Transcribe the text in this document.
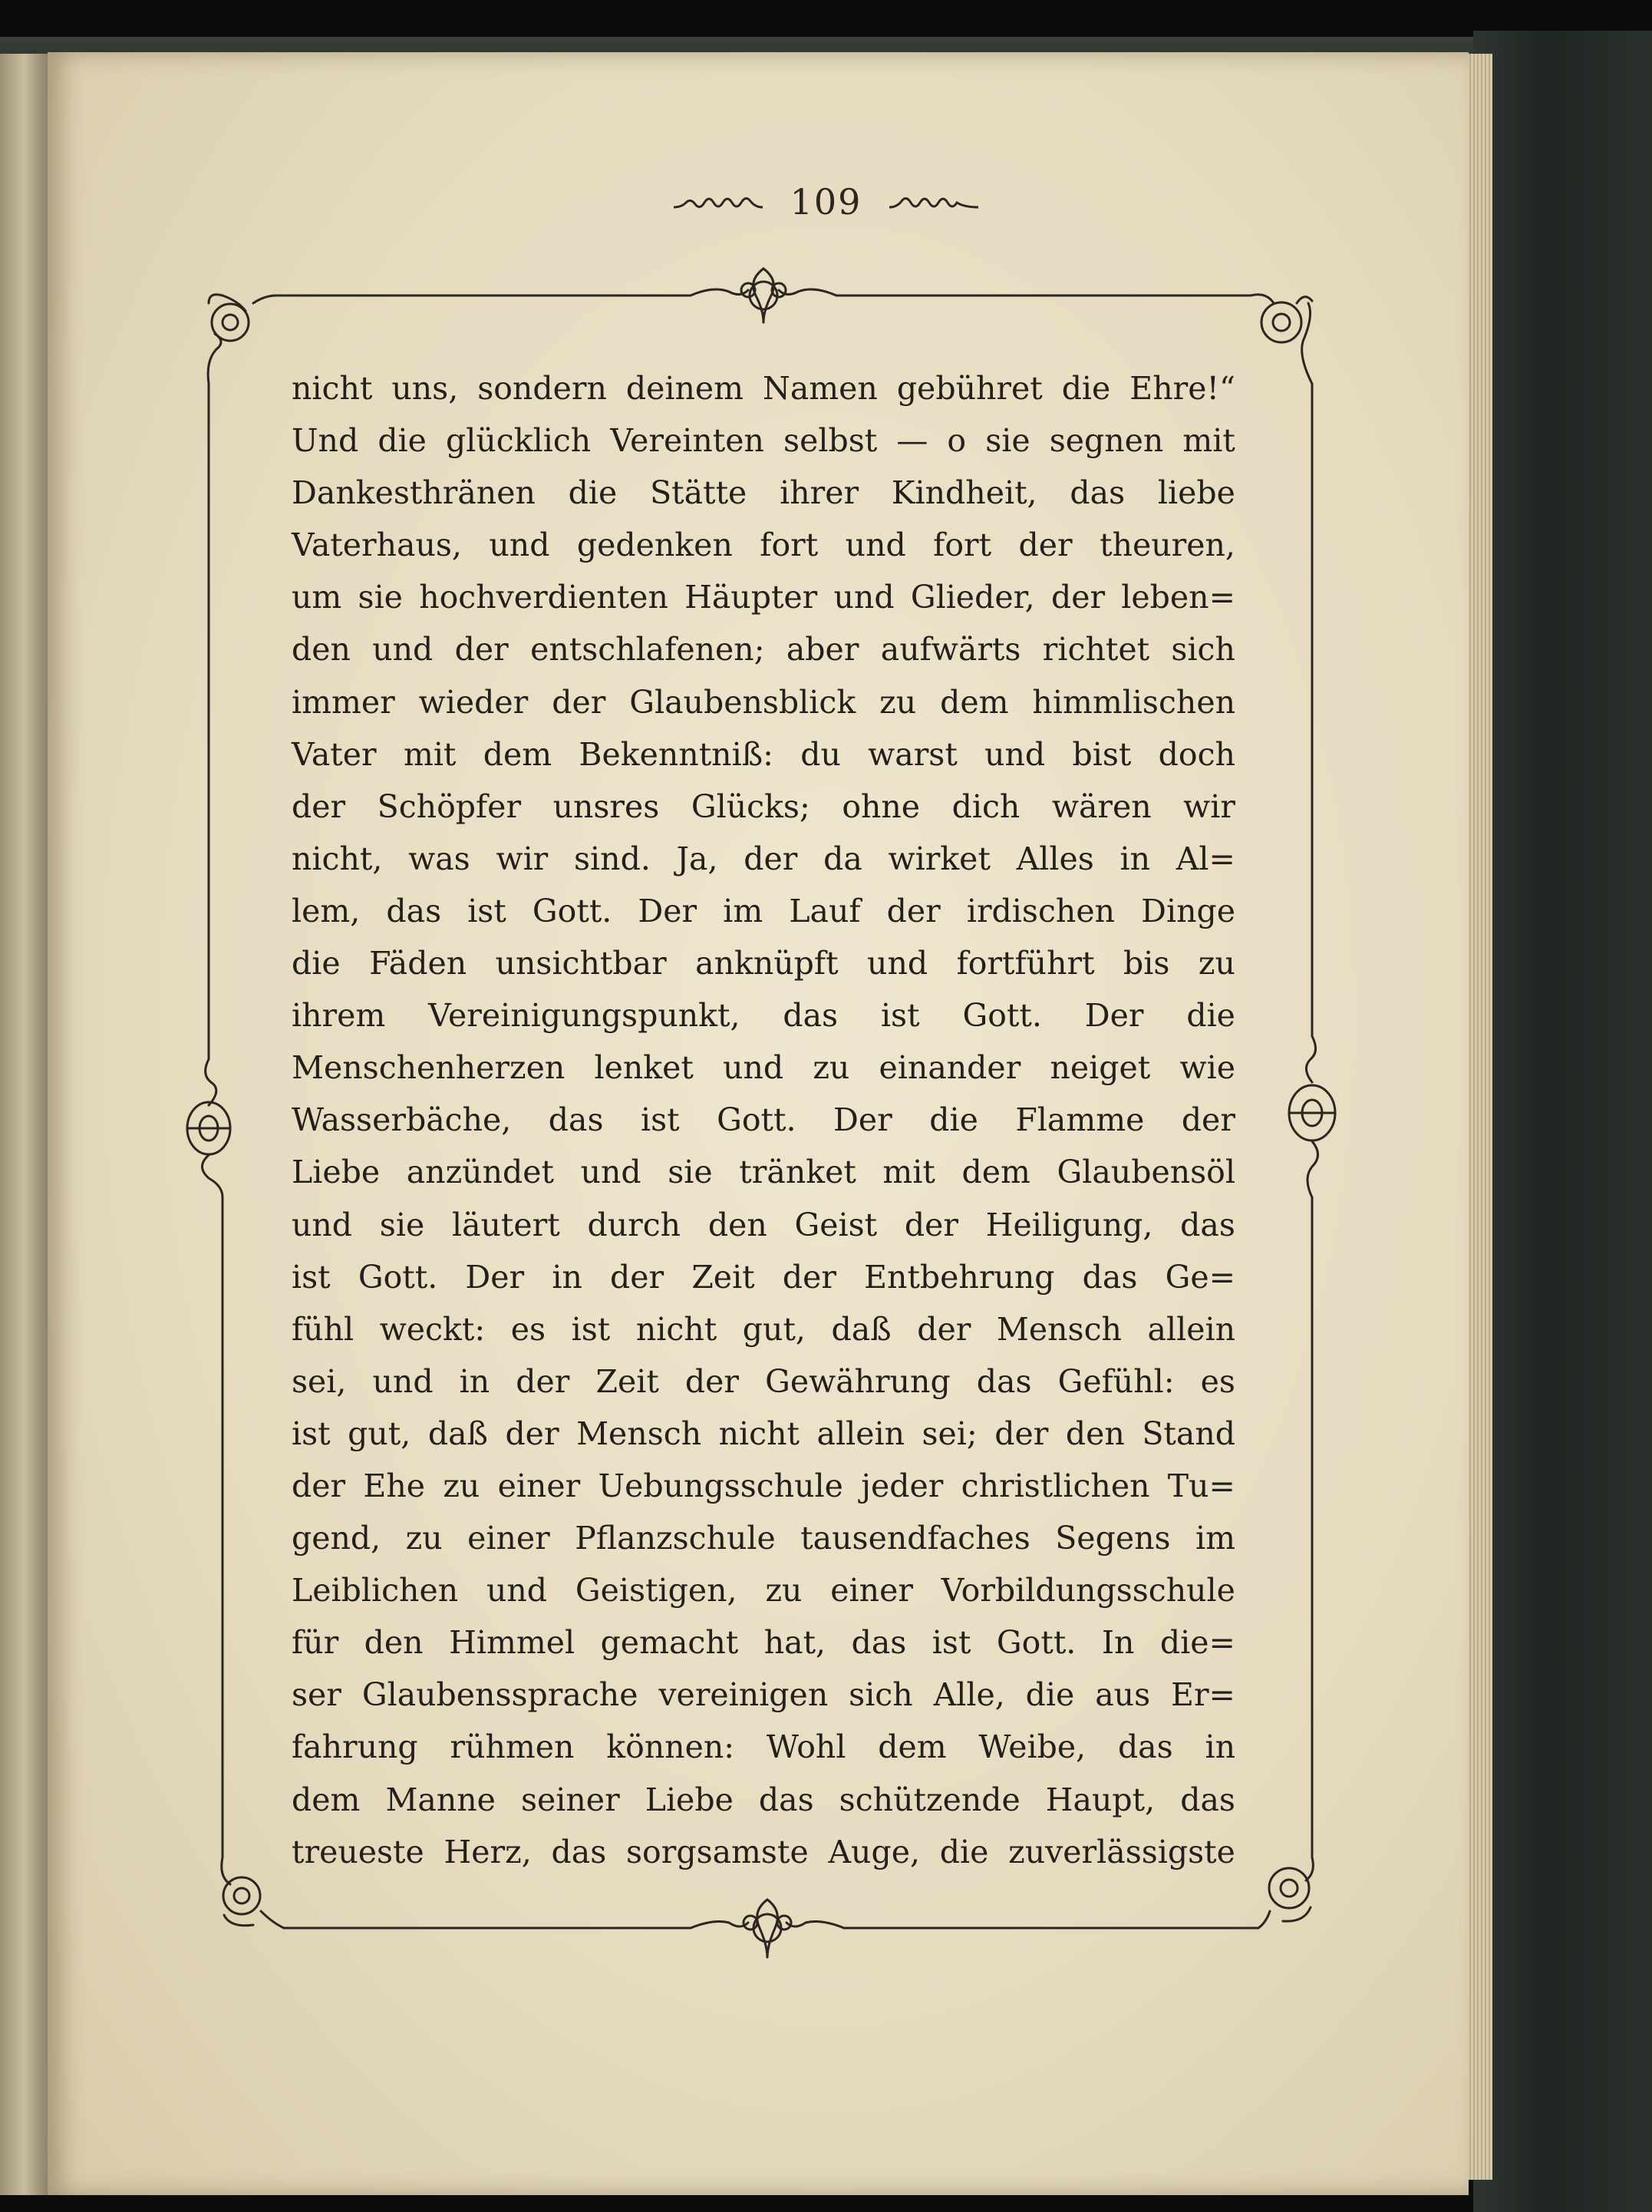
109
nicht uns, sondern deinem Namen gebühret die Ehre!“
Und die glücklich Vereinten selbst — o sie segnen mit
Dankesthränen die Stätte ihrer Kindheit, das liebe
Vaterhaus, und gedenken fort und fort der theuren,
um sie hochverdienten Häupter und Glieder, der leben=
den und der entschlafenen; aber aufwärts richtet sich
immer wieder der Glaubensblick zu dem himmlischen
Vater mit dem Bekenntniß: du warst und bist doch
der Schöpfer unsres Glücks; ohne dich wären wir
nicht, was wir sind. Ja, der da wirket Alles in Al=
lem, das ist Gott. Der im Lauf der irdischen Dinge
die Fäden unsichtbar anknüpft und fortführt bis zu
ihrem Vereinigungspunkt, das ist Gott. Der die
Menschenherzen lenket und zu einander neiget wie
Wasserbäche, das ist Gott. Der die Flamme der
Liebe anzündet und sie tränket mit dem Glaubensöl
und sie läutert durch den Geist der Heiligung, das
ist Gott. Der in der Zeit der Entbehrung das Ge=
fühl weckt: es ist nicht gut, daß der Mensch allein
sei, und in der Zeit der Gewährung das Gefühl: es
ist gut, daß der Mensch nicht allein sei; der den Stand
der Ehe zu einer Uebungsschule jeder christlichen Tu=
gend, zu einer Pflanzschule tausendfaches Segens im
Leiblichen und Geistigen, zu einer Vorbildungsschule
für den Himmel gemacht hat, das ist Gott. In die=
ser Glaubenssprache vereinigen sich Alle, die aus Er=
fahrung rühmen können: Wohl dem Weibe, das in
dem Manne seiner Liebe das schützende Haupt, das
treueste Herz, das sorgsamste Auge, die zuverlässigste
